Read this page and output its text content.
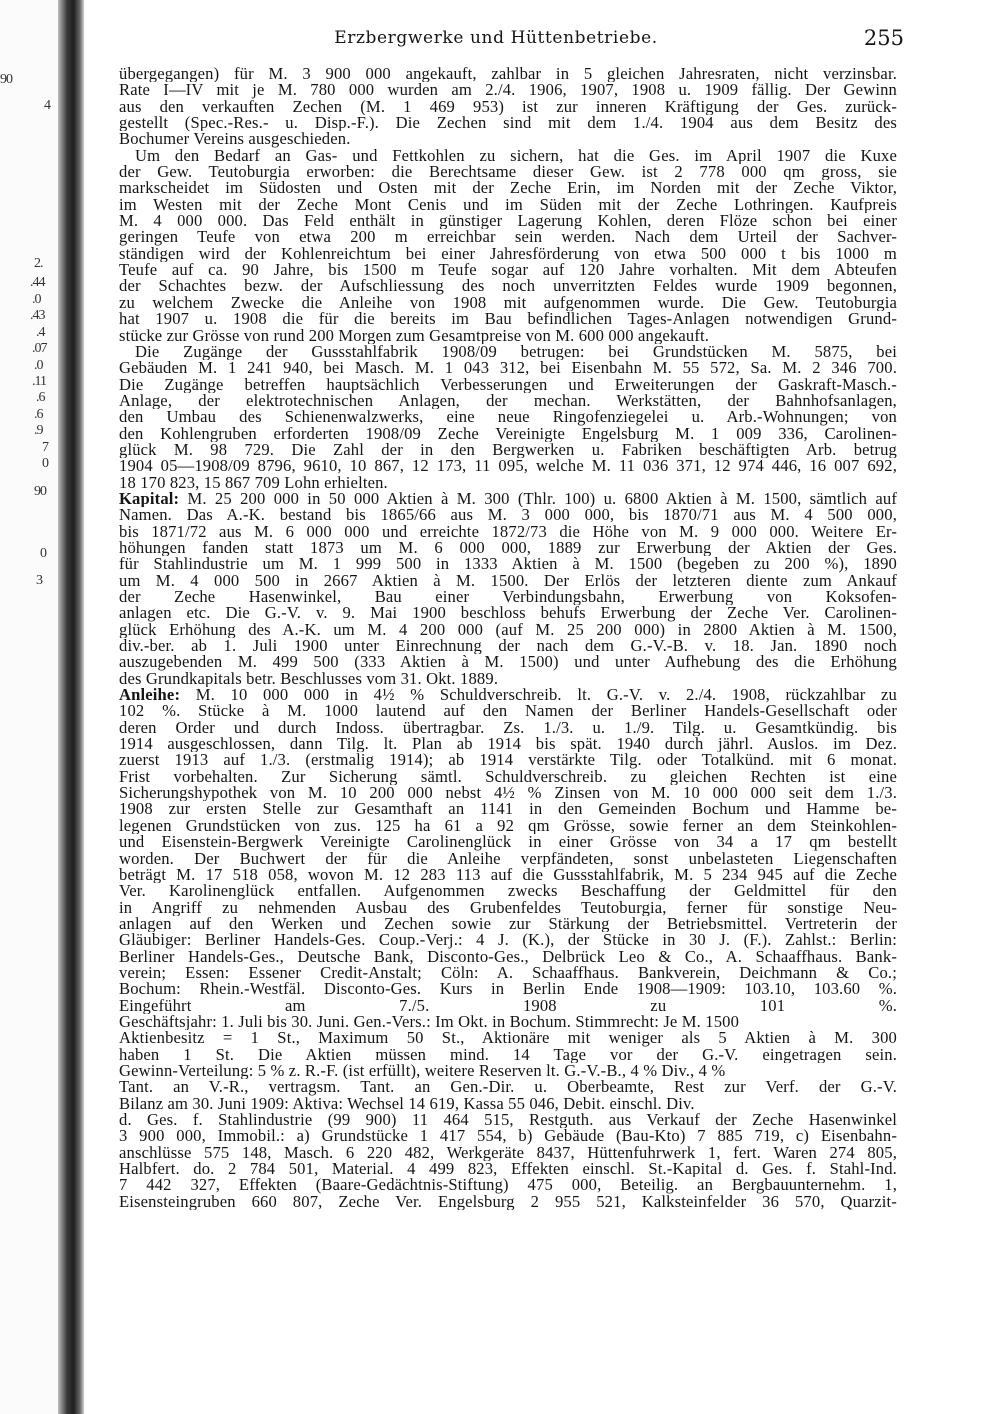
90
4
2.
.44
.0
.43
.4
.07
.0
.11
.6
.6
.9
7
0
90
0
3
Erzbergwerke und Hüttenbetriebe.	255
übergegangen) für M. 3 900 000 angekauft, zahlbar in 5 gleichen Jahresraten, nicht verzinsbar.
Rate I—IV mit je M. 780 000 wurden am 2./4. 1906, 1907, 1908 u. 1909 fällig. Der Gewinn
aus den verkauften Zechen (M. 1 469 953) ist zur inneren Kräftigung der Ges. zurück-
gestellt (Spec.-Res.- u. Disp.-F.). Die Zechen sind mit dem 1./4. 1904 aus dem Besitz des
Bochumer Vereins ausgeschieden.
Um den Bedarf an Gas- und Fettkohlen zu sichern, hat die Ges. im April 1907 die Kuxe
der Gew. Teutoburgia erworben: die Berechtsame dieser Gew. ist 2 778 000 qm gross, sie
markscheidet im Südosten und Osten mit der Zeche Erin, im Norden mit der Zeche Viktor,
im Westen mit der Zeche Mont Cenis und im Süden mit der Zeche Lothringen. Kaufpreis
M. 4 000 000. Das Feld enthält in günstiger Lagerung Kohlen, deren Flöze schon bei einer
geringen Teufe von etwa 200 m erreichbar sein werden. Nach dem Urteil der Sachver-
ständigen wird der Kohlenreichtum bei einer Jahresförderung von etwa 500 000 t bis 1000 m
Teufe auf ca. 90 Jahre, bis 1500 m Teufe sogar auf 120 Jahre vorhalten. Mit dem Abteufen
der Schachtes bezw. der Aufschliessung des noch unverritzten Feldes wurde 1909 begonnen,
zu welchem Zwecke die Anleihe von 1908 mit aufgenommen wurde. Die Gew. Teutoburgia
hat 1907 u. 1908 die für die bereits im Bau befindlichen Tages-Anlagen notwendigen Grund-
stücke zur Grösse von rund 200 Morgen zum Gesamtpreise von M. 600 000 angekauft.
Die Zugänge der Gussstahlfabrik 1908/09 betrugen: bei Grundstücken M. 5875, bei
Gebäuden M. 1 241 940, bei Masch. M. 1 043 312, bei Eisenbahn M. 55 572, Sa. M. 2 346 700.
Die Zugänge betreffen hauptsächlich Verbesserungen und Erweiterungen der Gaskraft-Masch.-
Anlage, der elektrotechnischen Anlagen, der mechan. Werkstätten, der Bahnhofsanlagen,
den Umbau des Schienenwalzwerks, eine neue Ringofenziegelei u. Arb.-Wohnungen; von
den Kohlengruben erforderten 1908/09 Zeche Vereinigte Engelsburg M. 1 009 336, Carolinen-
glück M. 98 729. Die Zahl der in den Bergwerken u. Fabriken beschäftigten Arb. betrug
1904 05—1908/09 8796, 9610, 10 867, 12 173, 11 095, welche M. 11 036 371, 12 974 446, 16 007 692,
18 170 823, 15 867 709 Lohn erhielten.
Kapital: M. 25 200 000 in 50 000 Aktien à M. 300 (Thlr. 100) u. 6800 Aktien à M. 1500, sämtlich auf
Namen. Das A.-K. bestand bis 1865/66 aus M. 3 000 000, bis 1870/71 aus M. 4 500 000,
bis 1871/72 aus M. 6 000 000 und erreichte 1872/73 die Höhe von M. 9 000 000. Weitere Er-
höhungen fanden statt 1873 um M. 6 000 000, 1889 zur Erwerbung der Aktien der Ges.
für Stahlindustrie um M. 1 999 500 in 1333 Aktien à M. 1500 (begeben zu 200 %), 1890
um M. 4 000 500 in 2667 Aktien à M. 1500. Der Erlös der letzteren diente zum Ankauf
der Zeche Hasenwinkel, Bau einer Verbindungsbahn, Erwerbung von Koksofen-
anlagen etc. Die G.-V. v. 9. Mai 1900 beschloss behufs Erwerbung der Zeche Ver. Carolinen-
glück Erhöhung des A.-K. um M. 4 200 000 (auf M. 25 200 000) in 2800 Aktien à M. 1500,
div.-ber. ab 1. Juli 1900 unter Einrechnung der nach dem G.-V.-B. v. 18. Jan. 1890 noch
auszugebenden M. 499 500 (333 Aktien à M. 1500) und unter Aufhebung des die Erhöhung
des Grundkapitals betr. Beschlusses vom 31. Okt. 1889.
Anleihe: M. 10 000 000 in 4½ % Schuldverschreib. lt. G.-V. v. 2./4. 1908, rückzahlbar zu
102 %. Stücke à M. 1000 lautend auf den Namen der Berliner Handels-Gesellschaft oder
deren Order und durch Indoss. übertragbar. Zs. 1./3. u. 1./9. Tilg. u. Gesamtkündig. bis
1914 ausgeschlossen, dann Tilg. lt. Plan ab 1914 bis spät. 1940 durch jährl. Auslos. im Dez.
zuerst 1913 auf 1./3. (erstmalig 1914); ab 1914 verstärkte Tilg. oder Totalkünd. mit 6 monat.
Frist vorbehalten. Zur Sicherung sämtl. Schuldverschreib. zu gleichen Rechten ist eine
Sicherungshypothek von M. 10 200 000 nebst 4½ % Zinsen von M. 10 000 000 seit dem 1./3.
1908 zur ersten Stelle zur Gesamthaft an 1141 in den Gemeinden Bochum und Hamme be-
legenen Grundstücken von zus. 125 ha 61 a 92 qm Grösse, sowie ferner an dem Steinkohlen-
und Eisenstein-Bergwerk Vereinigte Carolinenglück in einer Grösse von 34 a 17 qm bestellt
worden. Der Buchwert der für die Anleihe verpfändeten, sonst unbelasteten Liegenschaften
beträgt M. 17 518 058, wovon M. 12 283 113 auf die Gussstahlfabrik, M. 5 234 945 auf die Zeche
Ver. Karolinenglück entfallen. Aufgenommen zwecks Beschaffung der Geldmittel für den
in Angriff zu nehmenden Ausbau des Grubenfeldes Teutoburgia, ferner für sonstige Neu-
anlagen auf den Werken und Zechen sowie zur Stärkung der Betriebsmittel. Vertreterin der
Gläubiger: Berliner Handels-Ges. Coup.-Verj.: 4 J. (K.), der Stücke in 30 J. (F.). Zahlst.: Berlin:
Berliner Handels-Ges., Deutsche Bank, Disconto-Ges., Delbrück Leo & Co., A. Schaaffhaus. Bank-
verein; Essen: Essener Credit-Anstalt; Cöln: A. Schaaffhaus. Bankverein, Deichmann & Co.;
Bochum: Rhein.-Westfäl. Disconto-Ges. Kurs in Berlin Ende 1908—1909: 103.10, 103.60 %.
Eingeführt am 7./5. 1908 zu 101 %.
Geschäftsjahr: 1. Juli bis 30. Juni. Gen.-Vers.: Im Okt. in Bochum. Stimmrecht: Je M. 1500
Aktienbesitz = 1 St., Maximum 50 St., Aktionäre mit weniger als 5 Aktien à M. 300
haben 1 St. Die Aktien müssen mind. 14 Tage vor der G.-V. eingetragen sein.
Gewinn-Verteilung: 5 % z. R.-F. (ist erfüllt), weitere Reserven lt. G.-V.-B., 4 % Div., 4 %
Tant. an V.-R., vertragsm. Tant. an Gen.-Dir. u. Oberbeamte, Rest zur Verf. der G.-V.
Bilanz am 30. Juni 1909: Aktiva: Wechsel 14 619, Kassa 55 046, Debit. einschl. Div.
d. Ges. f. Stahlindustrie (99 900) 11 464 515, Restguth. aus Verkauf der Zeche Hasenwinkel
3 900 000, Immobil.: a) Grundstücke 1 417 554, b) Gebäude (Bau-Kto) 7 885 719, c) Eisenbahn-
anschlüsse 575 148, Masch. 6 220 482, Werkgeräte 8437, Hüttenfuhrwerk 1, fert. Waren 274 805,
Halbfert. do. 2 784 501, Material. 4 499 823, Effekten einschl. St.-Kapital d. Ges. f. Stahl-Ind.
7 442 327, Effekten (Baare-Gedächtnis-Stiftung) 475 000, Beteilig. an Bergbauunternehm. 1,
Eisensteingruben 660 807, Zeche Ver. Engelsburg 2 955 521, Kalksteinfelder 36 570, Quarzit-
